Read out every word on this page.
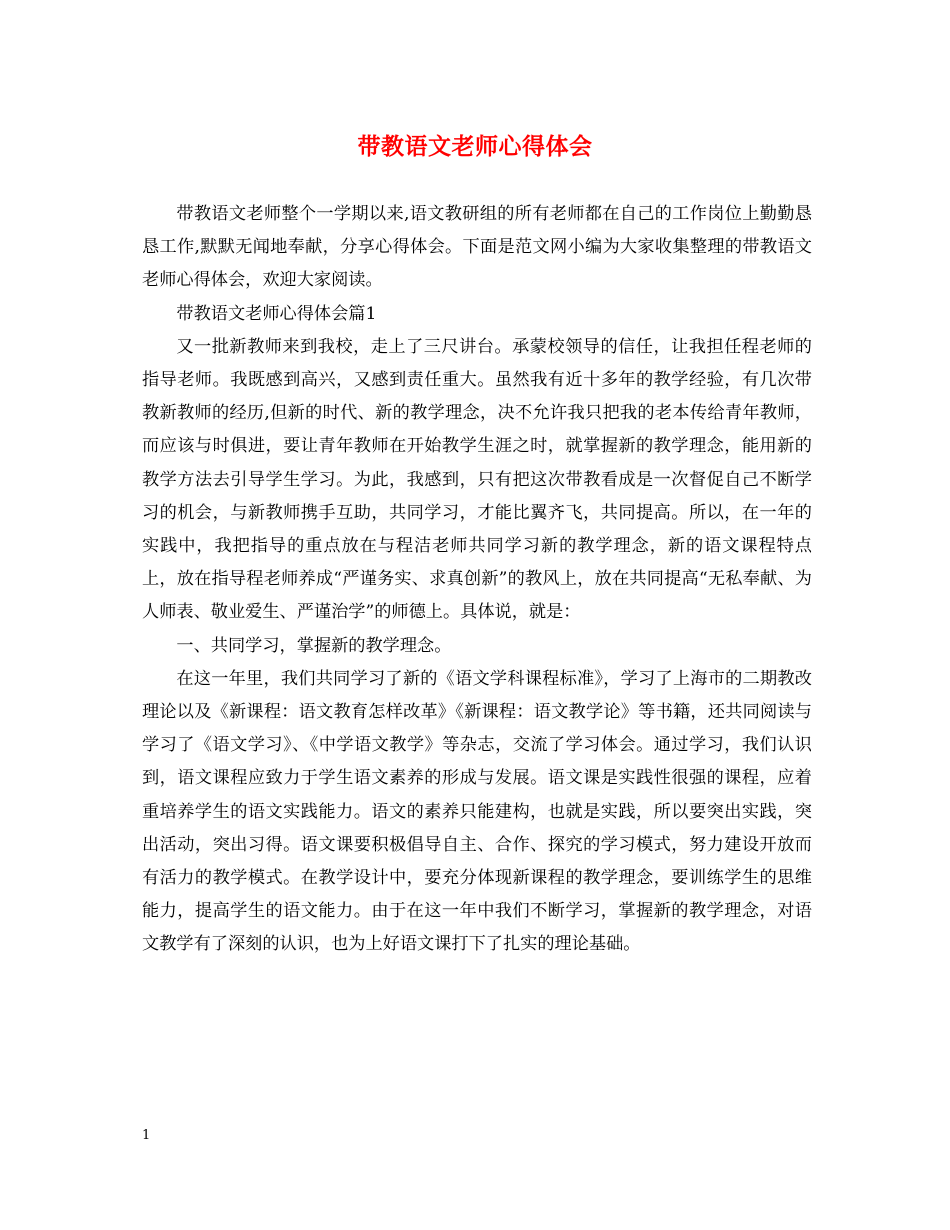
带教语文老师心得体会

带教语文老师整个一学期以来,语文教研组的所有老师都在自己的工作岗位上勤勤恳恳工作,默默无闻地奉献，分享心得体会。下面是范文网小编为大家收集整理的带教语文老师心得体会，欢迎大家阅读。

带教语文老师心得体会篇1

又一批新教师来到我校，走上了三尺讲台。承蒙校领导的信任，让我担任程老师的指导老师。我既感到高兴，又感到责任重大。虽然我有近十多年的教学经验，有几次带教新教师的经历,但新的时代、新的教学理念，决不允许我只把我的老本传给青年教师，而应该与时俱进，要让青年教师在开始教学生涯之时，就掌握新的教学理念，能用新的教学方法去引导学生学习。为此，我感到，只有把这次带教看成是一次督促自己不断学习的机会，与新教师携手互助，共同学习，才能比翼齐飞，共同提高。所以，在一年的实践中，我把指导的重点放在与程洁老师共同学习新的教学理念，新的语文课程特点上，放在指导程老师养成“严谨务实、求真创新”的教风上，放在共同提高“无私奉献、为人师表、敬业爱生、严谨治学”的师德上。具体说，就是：

一、共同学习，掌握新的教学理念。

在这一年里，我们共同学习了新的《语文学科课程标准》，学习了上海市的二期教改理论以及《新课程：语文教育怎样改革》《新课程：语文教学论》等书籍，还共同阅读与学习了《语文学习》、《中学语文教学》等杂志，交流了学习体会。通过学习，我们认识到，语文课程应致力于学生语文素养的形成与发展。语文课是实践性很强的课程，应着重培养学生的语文实践能力。语文的素养只能建构，也就是实践，所以要突出实践，突出活动，突出习得。语文课要积极倡导自主、合作、探究的学习模式，努力建设开放而有活力的教学模式。在教学设计中，要充分体现新课程的教学理念，要训练学生的思维能力，提高学生的语文能力。由于在这一年中我们不断学习，掌握新的教学理念，对语文教学有了深刻的认识，也为上好语文课打下了扎实的理论基础。

1
